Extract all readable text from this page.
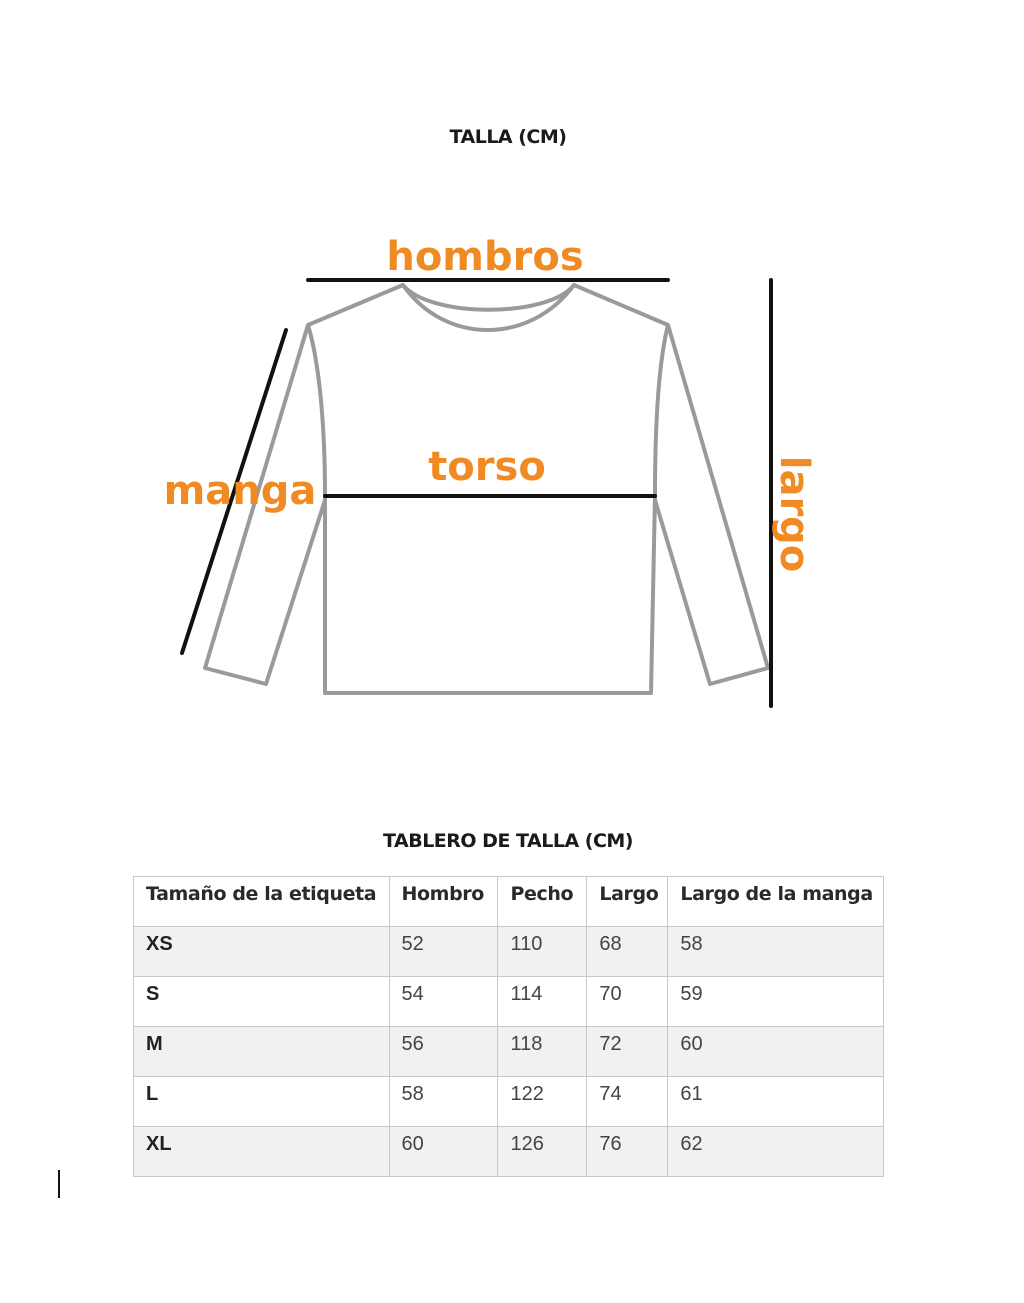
TALLA (CM)
hombros
torso
manga	largo
TABLERO DE TALLA (CM)
Tamaño de la etiqueta	Hombro	Pecho	Largo	Largo de la manga
XS	52	110	68	58
S	54	114	70	59
M	56	118	72	60
L	58	122	74	61
XL	60	126	76	62
